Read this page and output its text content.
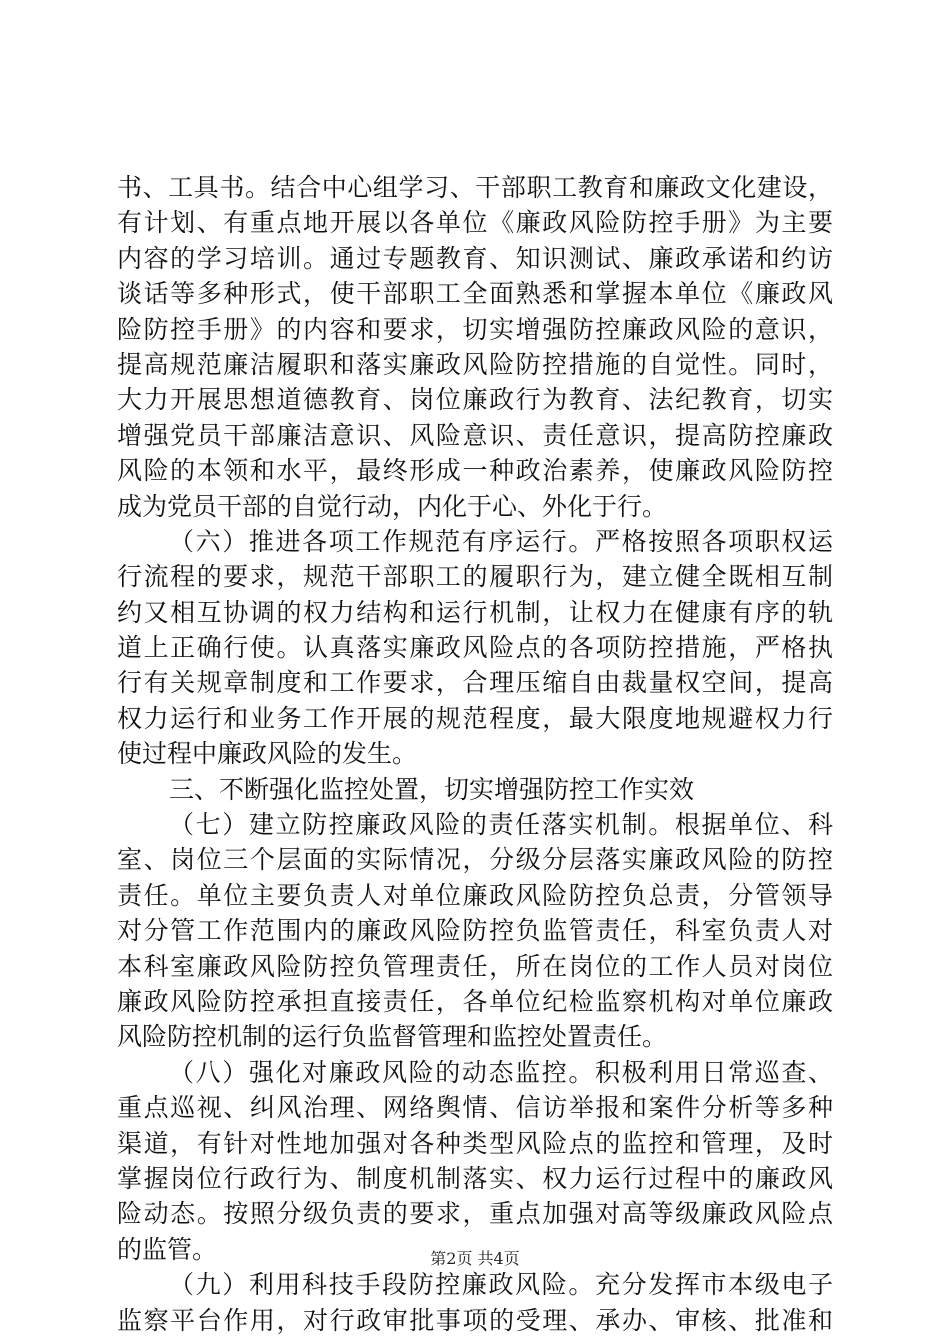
书、工具书。结合中心组学习、干部职工教育和廉政文化建设，
有计划、有重点地开展以各单位《廉政风险防控手册》为主要
内容的学习培训。通过专题教育、知识测试、廉政承诺和约访
谈话等多种形式，使干部职工全面熟悉和掌握本单位《廉政风
险防控手册》的内容和要求，切实增强防控廉政风险的意识，
提高规范廉洁履职和落实廉政风险防控措施的自觉性。同时，
大力开展思想道德教育、岗位廉政行为教育、法纪教育，切实
增强党员干部廉洁意识、风险意识、责任意识，提高防控廉政
风险的本领和水平，最终形成一种政治素养，使廉政风险防控
成为党员干部的自觉行动，内化于心、外化于行。
（六）推进各项工作规范有序运行。严格按照各项职权运
行流程的要求，规范干部职工的履职行为，建立健全既相互制
约又相互协调的权力结构和运行机制，让权力在健康有序的轨
道上正确行使。认真落实廉政风险点的各项防控措施，严格执
行有关规章制度和工作要求，合理压缩自由裁量权空间，提高
权力运行和业务工作开展的规范程度，最大限度地规避权力行
使过程中廉政风险的发生。
三、不断强化监控处置，切实增强防控工作实效
（七）建立防控廉政风险的责任落实机制。根据单位、科
室、岗位三个层面的实际情况，分级分层落实廉政风险的防控
责任。单位主要负责人对单位廉政风险防控负总责，分管领导
对分管工作范围内的廉政风险防控负监管责任，科室负责人对
本科室廉政风险防控负管理责任，所在岗位的工作人员对岗位
廉政风险防控承担直接责任，各单位纪检监察机构对单位廉政
风险防控机制的运行负监督管理和监控处置责任。
（八）强化对廉政风险的动态监控。积极利用日常巡查、
重点巡视、纠风治理、网络舆情、信访举报和案件分析等多种
渠道，有针对性地加强对各种类型风险点的监控和管理，及时
掌握岗位行政行为、制度机制落实、权力运行过程中的廉政风
险动态。按照分级负责的要求，重点加强对高等级廉政风险点
的监管。
（九）利用科技手段防控廉政风险。充分发挥市本级电子
监察平台作用，对行政审批事项的受理、承办、审核、批准和
第2页 共4页
